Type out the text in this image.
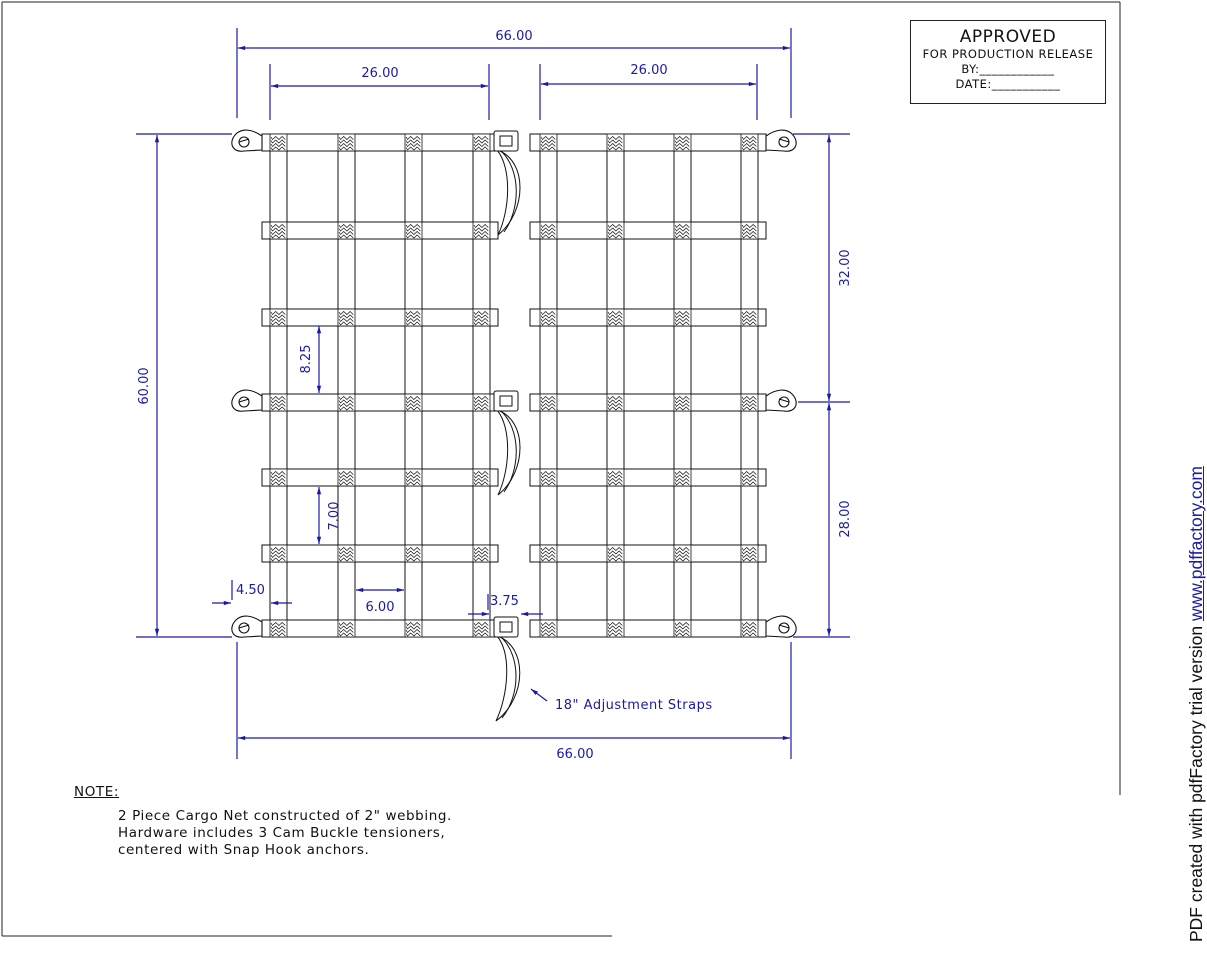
66.00
26.00	26.00
60.00
32.00
28.00
8.25
7.00
4.50
6.00	3.75
66.00
18" Adjustment Straps
APPROVED
FOR PRODUCTION RELEASE
BY:____________
DATE:___________
NOTE:
2 Piece Cargo Net constructed of 2" webbing.
Hardware includes 3 Cam Buckle tensioners,
centered with Snap Hook anchors.	PDF created with pdfFactory trial version www.pdffactory.com
